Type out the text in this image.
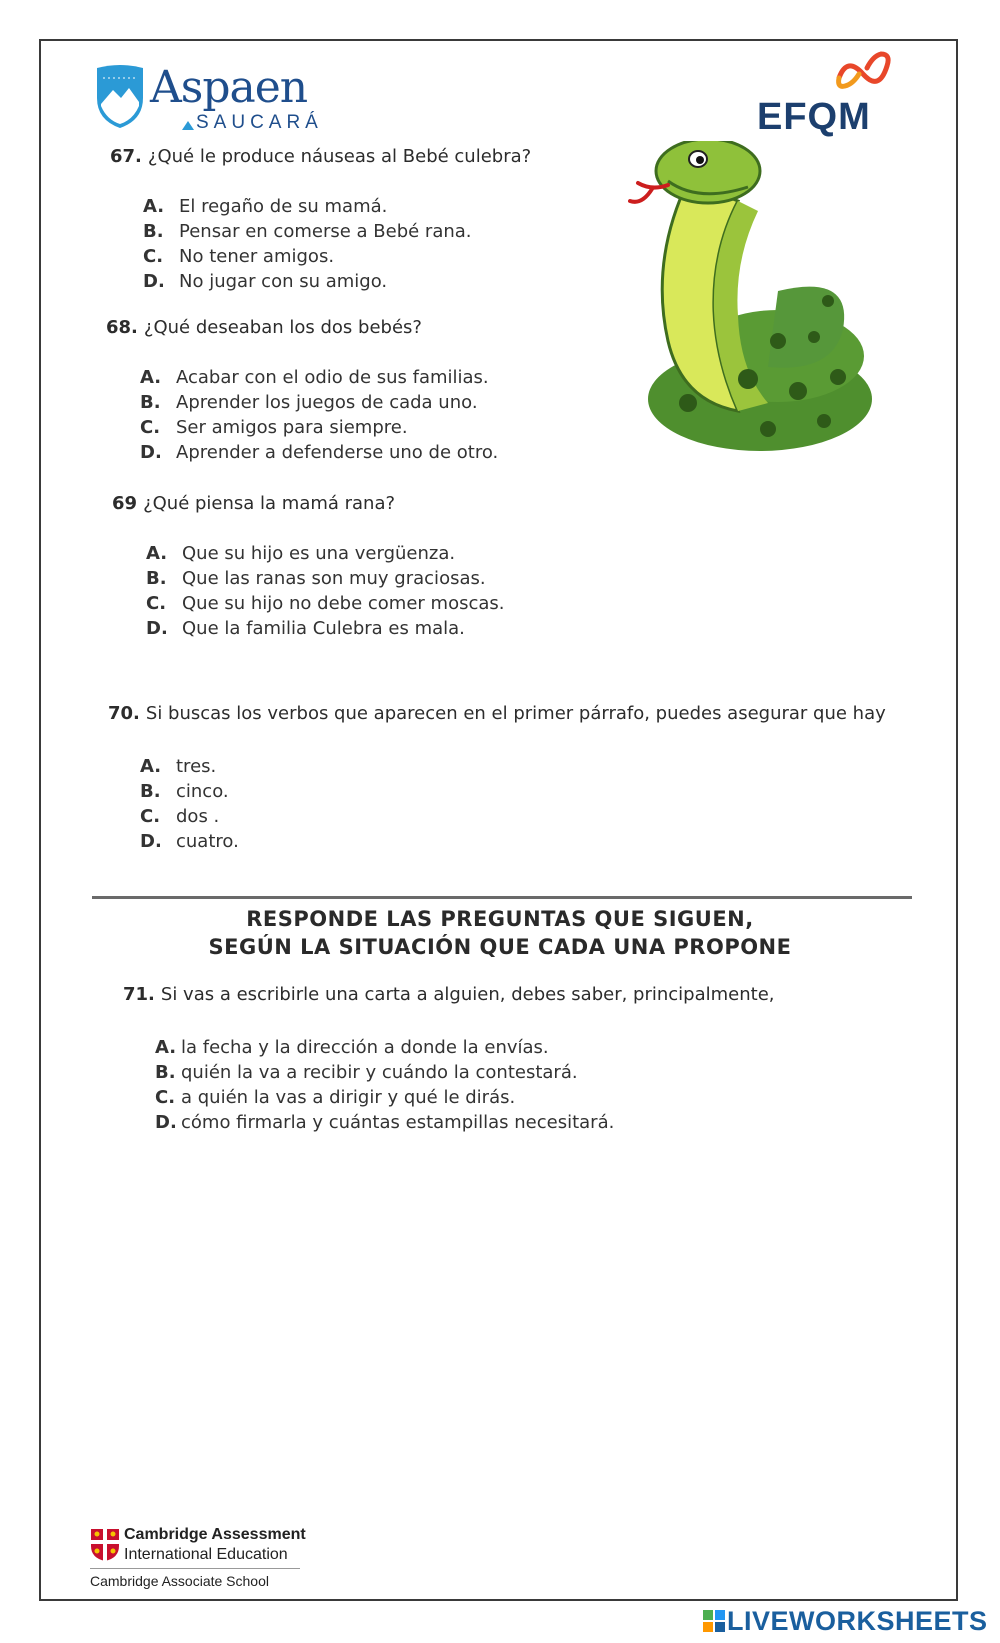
Aspaen
SAUCARÁ	EFQM
67. ¿Qué le produce náuseas al Bebé culebra?
A. El regaño de su mamá.
B. Pensar en comerse a Bebé rana.
C. No tener amigos.
D. No jugar con su amigo.
68. ¿Qué deseaban los dos bebés?
A. Acabar con el odio de sus familias.
B. Aprender los juegos de cada uno.
C. Ser amigos para siempre.
D. Aprender a defenderse uno de otro.
69 ¿Qué piensa la mamá rana?
A. Que su hijo es una vergüenza.
B. Que las ranas son muy graciosas.
C. Que su hijo no debe comer moscas.
D. Que la familia Culebra es mala.
70. Si buscas los verbos que aparecen en el primer párrafo, puedes asegurar que hay
A. tres.
B. cinco.
C. dos .
D. cuatro.
RESPONDE LAS PREGUNTAS QUE SIGUEN,
SEGÚN LA SITUACIÓN QUE CADA UNA PROPONE
71. Si vas a escribirle una carta a alguien, debes saber, principalmente,
A. la fecha y la dirección a donde la envías.
B. quién la va a recibir y cuándo la contestará.
C. a quién la vas a dirigir y qué le dirás.
D. cómo firmarla y cuántas estampillas necesitará.
Cambridge Assessment
International Education
Cambridge Associate School
LIVEWORKSHEETS
